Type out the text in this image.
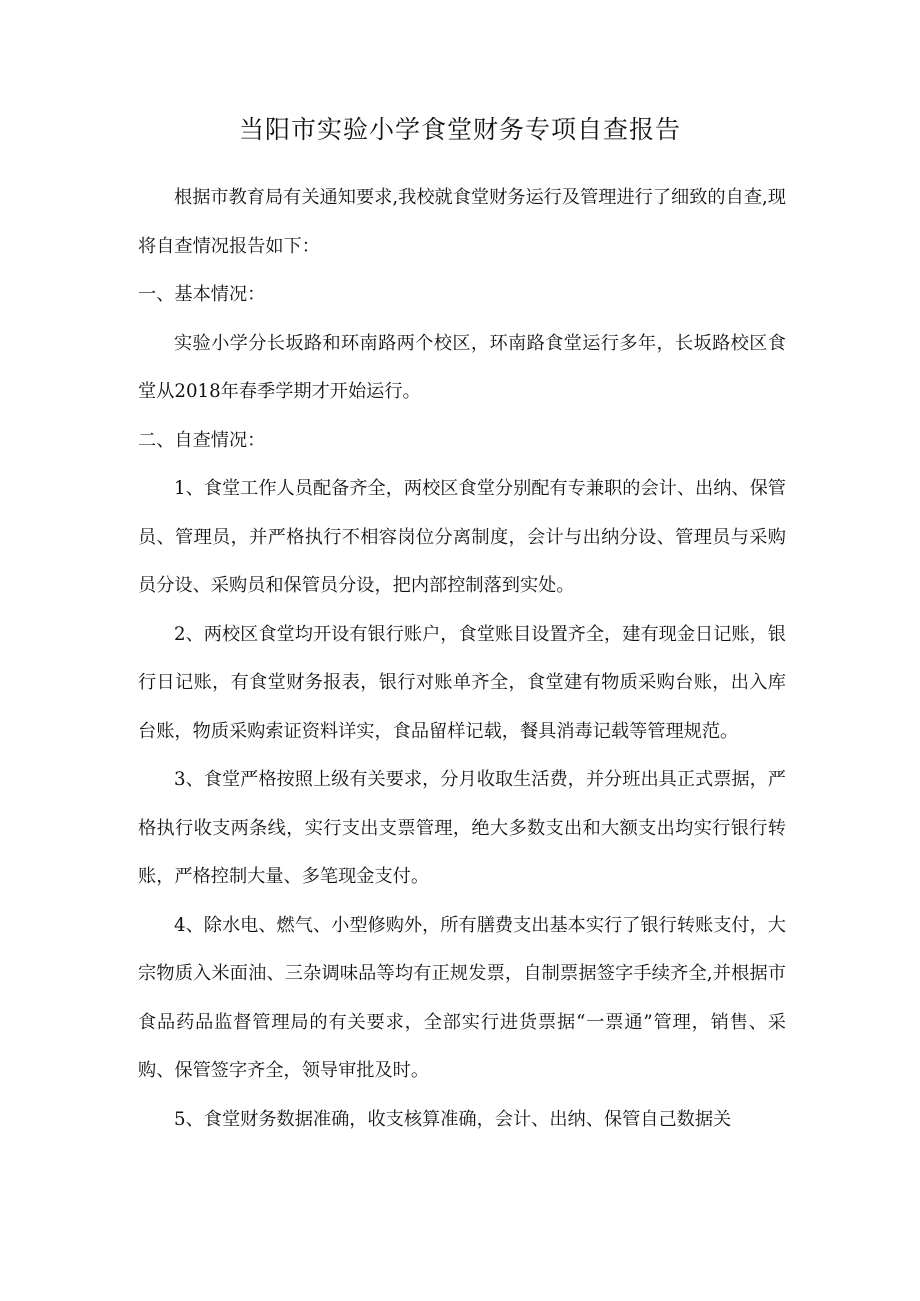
当阳市实验小学食堂财务专项自查报告

根据市教育局有关通知要求,我校就食堂财务运行及管理进行了细致的自查,现将自查情况报告如下：

一、基本情况：

实验小学分长坂路和环南路两个校区，环南路食堂运行多年，长坂路校区食堂从2018年春季学期才开始运行。

二、自查情况：

1、食堂工作人员配备齐全，两校区食堂分别配有专兼职的会计、出纳、保管员、管理员，并严格执行不相容岗位分离制度，会计与出纳分设、管理员与采购员分设、采购员和保管员分设，把内部控制落到实处。

2、两校区食堂均开设有银行账户，食堂账目设置齐全，建有现金日记账，银行日记账，有食堂财务报表，银行对账单齐全，食堂建有物质采购台账，出入库台账，物质采购索证资料详实，食品留样记载，餐具消毒记载等管理规范。

3、食堂严格按照上级有关要求，分月收取生活费，并分班出具正式票据，严格执行收支两条线，实行支出支票管理，绝大多数支出和大额支出均实行银行转账，严格控制大量、多笔现金支付。

4、除水电、燃气、小型修购外，所有膳费支出基本实行了银行转账支付，大宗物质入米面油、三杂调味品等均有正规发票，自制票据签字手续齐全,并根据市食品药品监督管理局的有关要求，全部实行进货票据“一票通”管理，销售、采购、保管签字齐全，领导审批及时。

5、食堂财务数据准确，收支核算准确，会计、出纳、保管自己数据关
